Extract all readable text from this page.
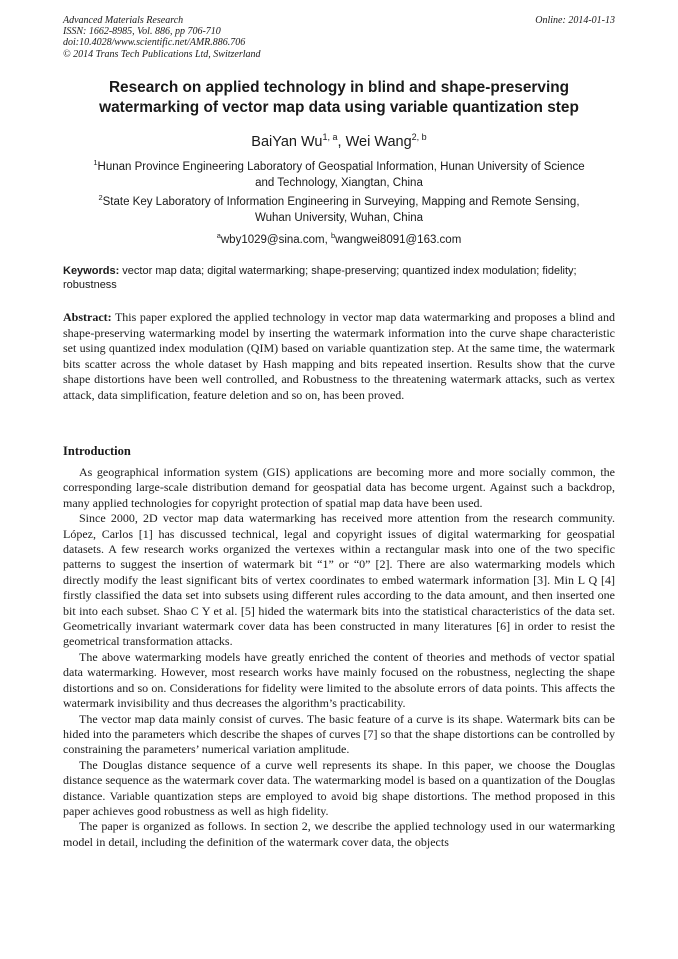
Advanced Materials Research
ISSN: 1662-8985, Vol. 886, pp 706-710
doi:10.4028/www.scientific.net/AMR.886.706
© 2014 Trans Tech Publications Ltd, Switzerland
Online: 2014-01-13
Research on applied technology in blind and shape-preserving
watermarking of vector map data using variable quantization step
BaiYan Wu$^{1, a}$, Wei Wang$^{2, b}$
$^1$Hunan Province Engineering Laboratory of Geospatial Information, Hunan University of Science
and Technology, Xiangtan, China
$^2$State Key Laboratory of Information Engineering in Surveying, Mapping and Remote Sensing,
Wuhan University, Wuhan, China
$^a$wby1029@sina.com, $^b$wangwei8091@163.com
Keywords: vector map data; digital watermarking; shape-preserving; quantized index modulation; fidelity; robustness
Abstract: This paper explored the applied technology in vector map data watermarking and proposes a blind and shape-preserving watermarking model by inserting the watermark information into the curve shape characteristic set using quantized index modulation (QIM) based on variable quantization step. At the same time, the watermark bits scatter across the whole dataset by Hash mapping and bits repeated insertion. Results show that the curve shape distortions have been well controlled, and Robustness to the threatening watermark attacks, such as vertex attack, data simplification, feature deletion and so on, has been proved.
Introduction

As geographical information system (GIS) applications are becoming more and more socially common, the corresponding large-scale distribution demand for geospatial data has become urgent. Against such a backdrop, many applied technologies for copyright protection of spatial map data have been used.

Since 2000, 2D vector map data watermarking has received more attention from the research community. López, Carlos [1] has discussed technical, legal and copyright issues of digital watermarking for geospatial datasets. A few research works organized the vertexes within a rectangular mask into one of the two specific patterns to suggest the insertion of watermark bit “1” or “0” [2]. There are also watermarking models which directly modify the least significant bits of vertex coordinates to embed watermark information [3]. Min L Q [4] firstly classified the data set into subsets using different rules according to the data amount, and then inserted one bit into each subset. Shao C Y et al. [5] hided the watermark bits into the statistical characteristics of the data set. Geometrically invariant watermark cover data has been constructed in many literatures [6] in order to resist the geometrical transformation attacks.

The above watermarking models have greatly enriched the content of theories and methods of vector spatial data watermarking. However, most research works have mainly focused on the robustness, neglecting the shape distortions and so on. Considerations for fidelity were limited to the absolute errors of data points. This affects the watermark invisibility and thus decreases the algorithm’s practicability.

The vector map data mainly consist of curves. The basic feature of a curve is its shape. Watermark bits can be hided into the parameters which describe the shapes of curves [7] so that the shape distortions can be controlled by constraining the parameters’ numerical variation amplitude.

The Douglas distance sequence of a curve well represents its shape. In this paper, we choose the Douglas distance sequence as the watermark cover data. The watermarking model is based on a quantization of the Douglas distance. Variable quantization steps are employed to avoid big shape distortions. The method proposed in this paper achieves good robustness as well as high fidelity.

The paper is organized as follows. In section 2, we describe the applied technology used in our watermarking model in detail, including the definition of the watermark cover data, the objects
